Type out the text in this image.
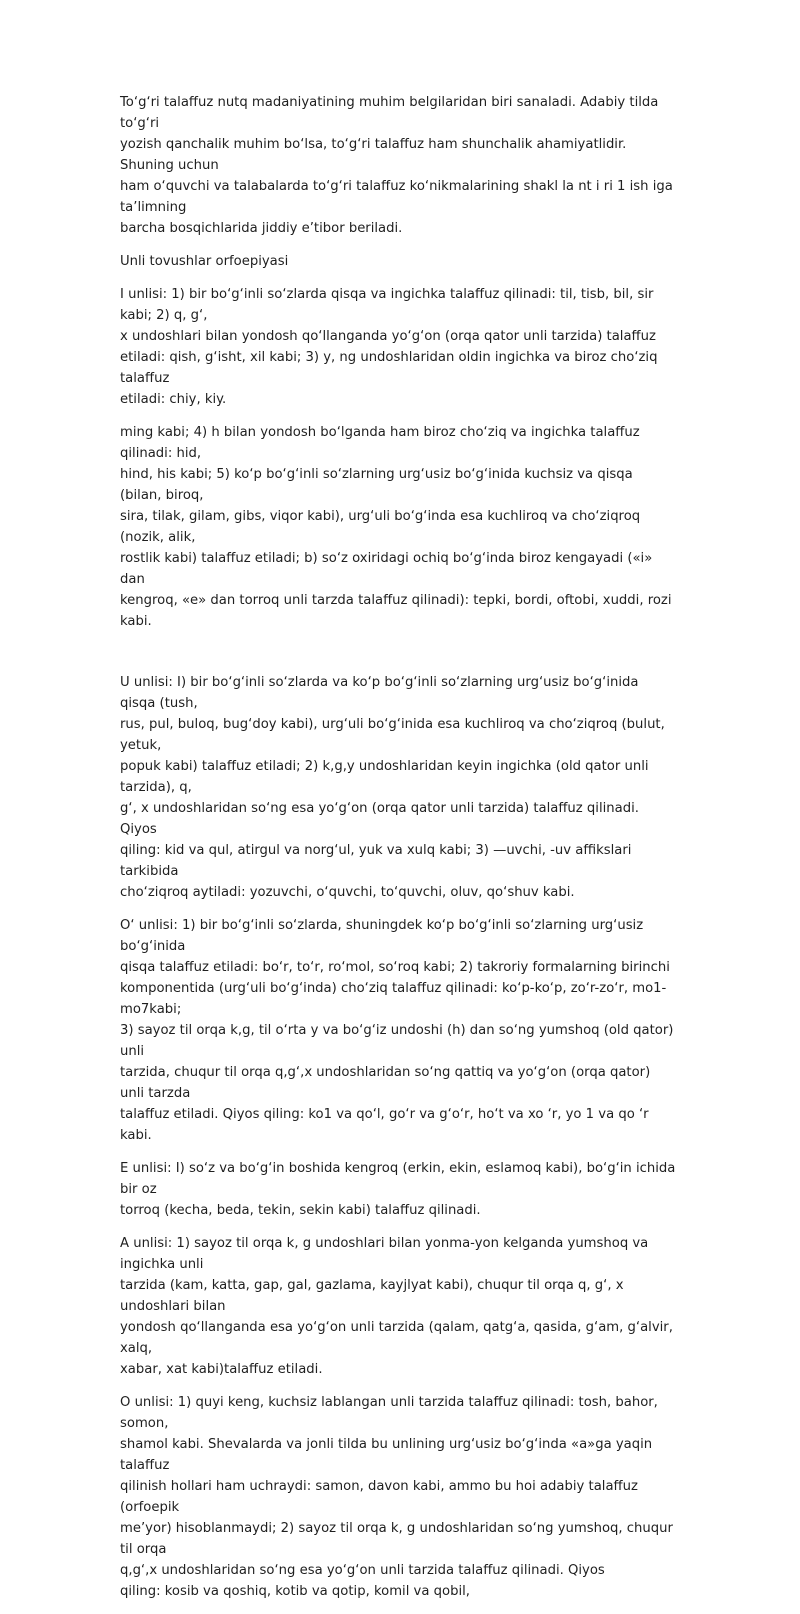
To‘g‘ri talaffuz nutq madaniyatining muhim belgilaridan biri sanaladi. Adabiy tilda to‘g‘ri
yozish qanchalik muhim bo‘lsa, to‘g‘ri talaffuz ham shunchalik ahamiyatlidir. Shuning uchun
ham o‘quvchi va talabalarda to‘g‘ri talaffuz ko‘nikmalarining shakl la nt i ri 1 ish iga ta’limning
barcha bosqichlarida jiddiy e’tibor beriladi.

Unli tovushlar orfoepiyasi

I unlisi: 1) bir bo‘g‘inli so‘zlarda qisqa va ingichka talaffuz qilinadi: til, tisb, bil, sir kabi; 2) q, g‘,
x undoshlari bilan yondosh qo‘llanganda yo‘g‘on (orqa qator unli tarzida) talaffuz
etiladi: qish, g‘isht, xil kabi; 3) y, ng undoshlaridan oldin ingichka va biroz cho‘ziq talaffuz
etiladi: chiy, kiy.

ming kabi; 4) h bilan yondosh bo‘lganda ham biroz cho‘ziq va ingichka talaffuz qilinadi: hid,
hind, his kabi; 5) ko‘p bo‘g‘inli so‘zlarning urg‘usiz bo‘g‘inida kuchsiz va qisqa (bilan, biroq,
sira, tilak, gilam, gibs, viqor kabi), urg‘uli bo‘g‘inda esa kuchliroq va cho‘ziqroq (nozik, alik,
rostlik kabi) talaffuz etiladi; b) so‘z oxiridagi ochiq bo‘g‘inda biroz kengayadi («i» dan
kengroq, «e» dan torroq unli tarzda talaffuz qilinadi): tepki, bordi, oftobi, xuddi, rozi kabi.

U unlisi: I) bir bo‘g‘inli so‘zlarda va ko‘p bo‘g‘inli so‘zlarning urg‘usiz bo‘g‘inida qisqa (tush,
rus, pul, buloq, bug‘doy kabi), urg‘uli bo‘g‘inida esa kuchliroq va cho‘ziqroq (bulut, yetuk,
popuk kabi) talaffuz etiladi; 2) k,g,y undoshlaridan keyin ingichka (old qator unli tarzida), q,
g‘, x undoshlaridan so‘ng esa yo‘g‘on (orqa qator unli tarzida) talaffuz qilinadi. Qiyos
qiling: kid va qul, atirgul va norg‘ul, yuk va xulq kabi; 3) —uvchi, -uv affikslari tarkibida
cho‘ziqroq aytiladi: yozuvchi, o‘quvchi, to‘quvchi, oluv, qo‘shuv kabi.

O‘ unlisi: 1) bir bo‘g‘inli so‘zlarda, shuningdek ko‘p bo‘g‘inli so‘zlarning urg‘usiz bo‘g‘inida
qisqa talaffuz etiladi: bo‘r, to‘r, ro‘mol, so‘roq kabi; 2) takroriy formalarning birinchi
komponentida (urg‘uli bo‘g‘inda) cho‘ziq talaffuz qilinadi: ko‘p-ko‘p, zo‘r-zo‘r, mo1-mo7kabi;
3) sayoz til orqa k,g, til o‘rta y va bo‘g‘iz undoshi (h) dan so‘ng yumshoq (old qator) unli
tarzida, chuqur til orqa q,g‘,x undoshlaridan so‘ng qattiq va yo‘g‘on (orqa qator) unli tarzda
talaffuz etiladi. Qiyos qiling: ko1 va qo‘l, go‘r va g‘o‘r, ho‘t va xo ‘r, yo 1 va qo ‘r kabi.

E unlisi: I) so‘z va bo‘g‘in boshida kengroq (erkin, ekin, eslamoq kabi), bo‘g‘in ichida bir oz
torroq (kecha, beda, tekin, sekin kabi) talaffuz qilinadi.

A unlisi: 1) sayoz til orqa k, g undoshlari bilan yonma-yon kelganda yumshoq va ingichka unli
tarzida (kam, katta, gap, gal, gazlama, kayjlyat kabi), chuqur til orqa q, g‘, x undoshlari bilan
yondosh qo‘llanganda esa yo‘g‘on unli tarzida (qalam, qatg‘a, qasida, g‘am, g‘alvir, xalq,
xabar, xat kabi)talaffuz etiladi.

O unlisi: 1) quyi keng, kuchsiz lablangan unli tarzida talaffuz qilinadi: tosh, bahor, somon,
shamol kabi. Shevalarda va jonli tilda bu unlining urg‘usiz bo‘g‘inda «a»ga yaqin talaffuz
qilinish hollari ham uchraydi: samon, davon kabi, ammo bu hoi adabiy talaffuz (orfoepik
me’yor) hisoblanmaydi; 2) sayoz til orqa k, g undoshlaridan so‘ng yumshoq, chuqur til orqa
q,g‘,x undoshlaridan so‘ng esa yo‘g‘on unli tarzida talaffuz qilinadi. Qiyos
qiling: kosib va qoshiq, kotib va qotip, komil va qobil,
